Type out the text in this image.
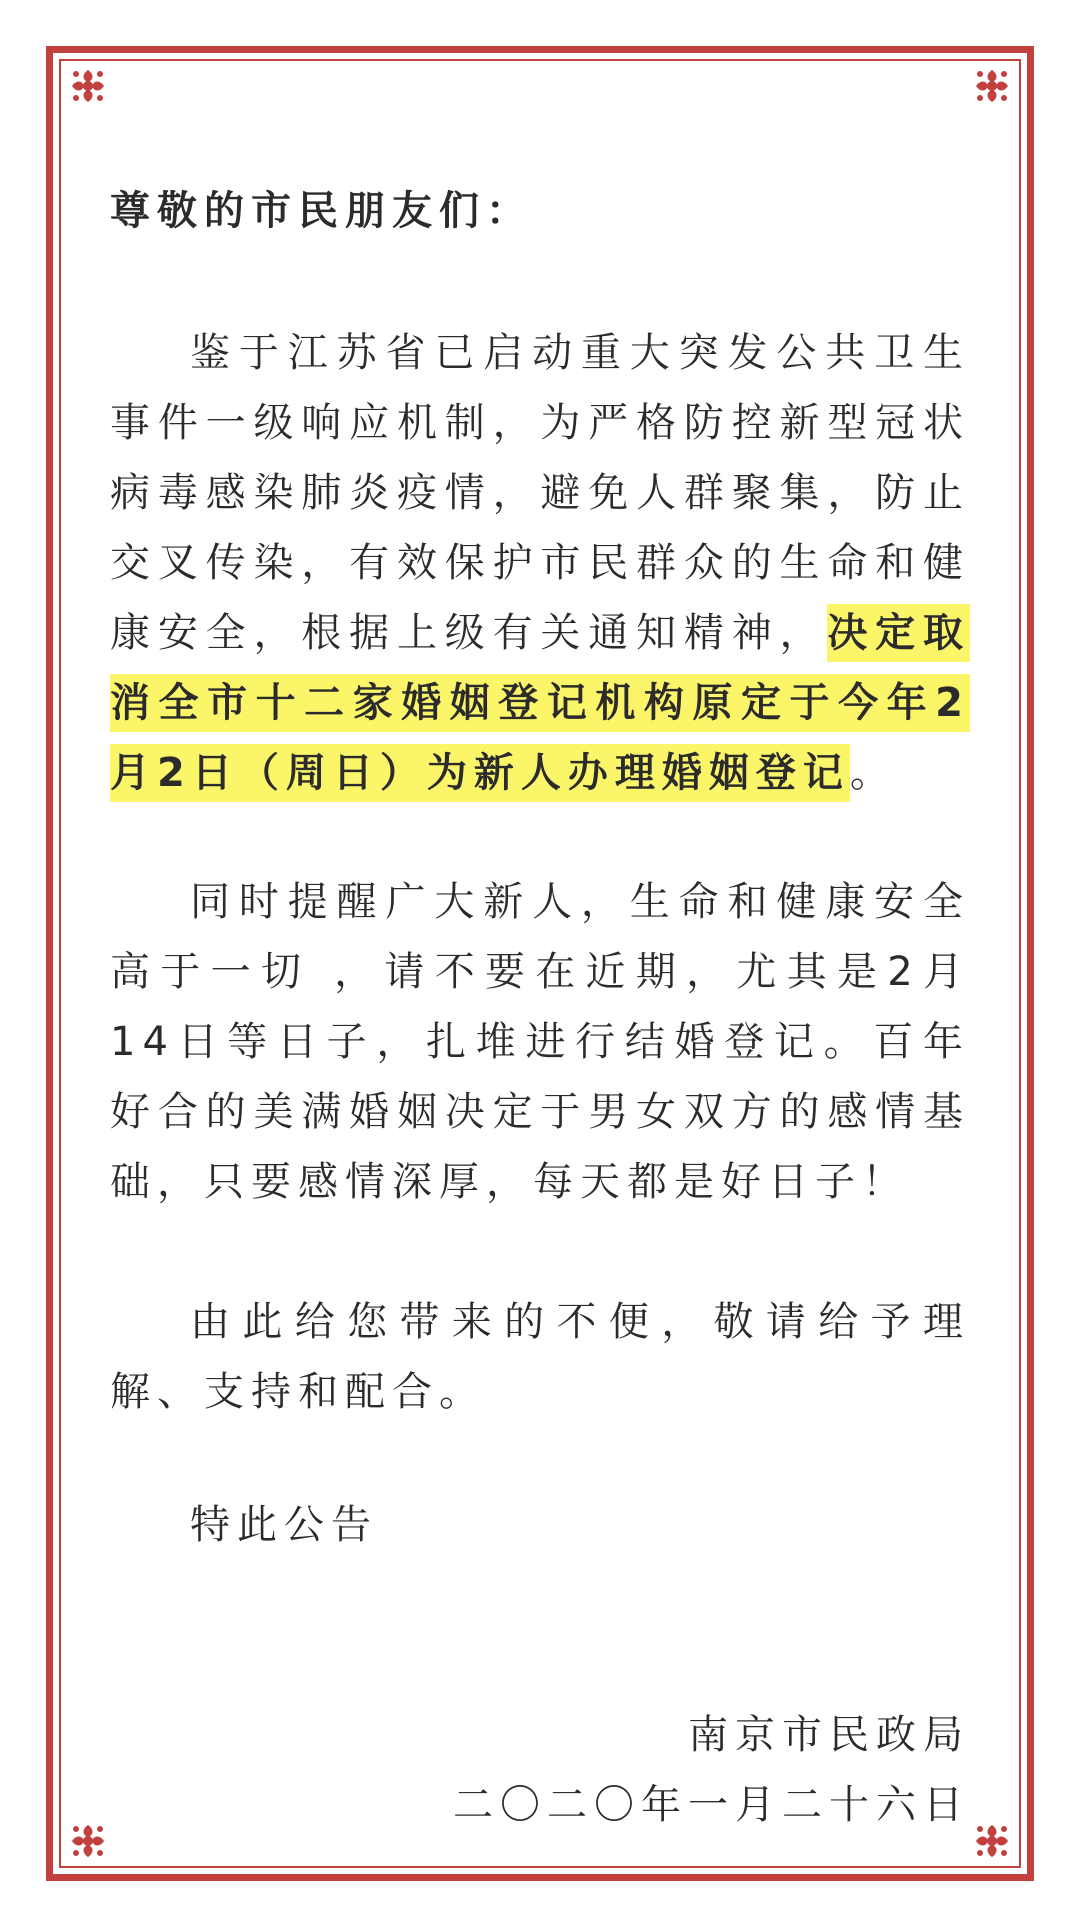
尊敬的市民朋友们：
鉴于江苏省已启动重大突发公共卫生事件一级响应机制，为严格防控新型冠状病毒感染肺炎疫情，避免人群聚集，防止交叉传染，有效保护市民群众的生命和健康安全，根据上级有关通知精神，决定取消全市十二家婚姻登记机构原定于今年2月2日（周日）为新人办理婚姻登记。
同时提醒广大新人，生命和健康安全高于一切 ，请不要在近期，尤其是2月14日等日子，扎堆进行结婚登记。百年好合的美满婚姻决定于男女双方的感情基础，只要感情深厚，每天都是好日子！
由此给您带来的不便，敬请给予理解、支持和配合。
特此公告
南京市民政局
二〇二〇年一月二十六日
